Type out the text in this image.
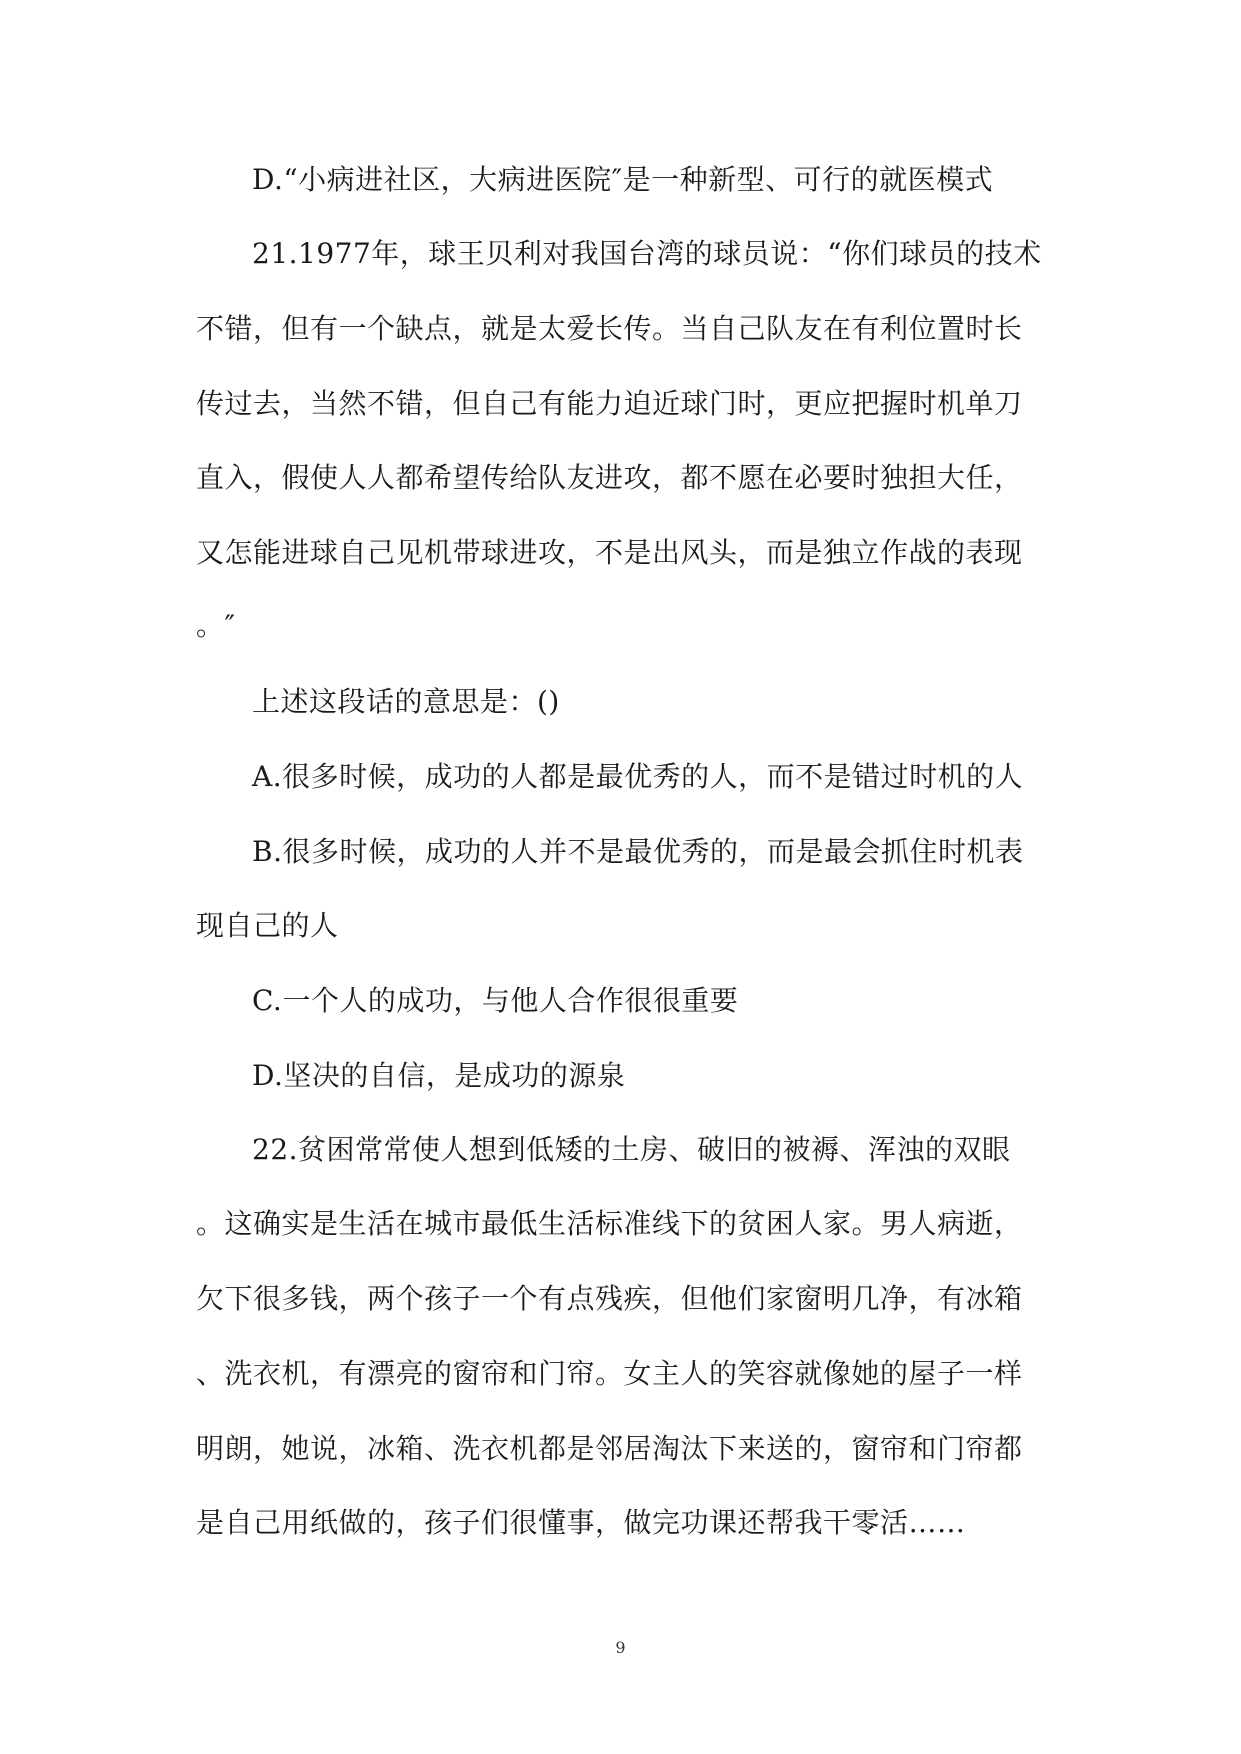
D.“小病进社区，大病进医院″是一种新型、可行的就医模式
21.1977年，球王贝利对我国台湾的球员说：“你们球员的技术
不错，但有一个缺点，就是太爱长传。当自己队友在有利位置时长
传过去，当然不错，但自己有能力迫近球门时，更应把握时机单刀
直入，假使人人都希望传给队友进攻，都不愿在必要时独担大任，
又怎能进球自己见机带球进攻，不是出风头，而是独立作战的表现
。″
上述这段话的意思是：()
A.很多时候，成功的人都是最优秀的人，而不是错过时机的人
B.很多时候，成功的人并不是最优秀的，而是最会抓住时机表
现自己的人
C.一个人的成功，与他人合作很很重要
D.坚决的自信，是成功的源泉
22.贫困常常使人想到低矮的土房、破旧的被褥、浑浊的双眼
。这确实是生活在城市最低生活标准线下的贫困人家。男人病逝，
欠下很多钱，两个孩子一个有点残疾，但他们家窗明几净，有冰箱
、洗衣机，有漂亮的窗帘和门帘。女主人的笑容就像她的屋子一样
明朗，她说，冰箱、洗衣机都是邻居淘汰下来送的，窗帘和门帘都
是自己用纸做的，孩子们很懂事，做完功课还帮我干零活……
9
